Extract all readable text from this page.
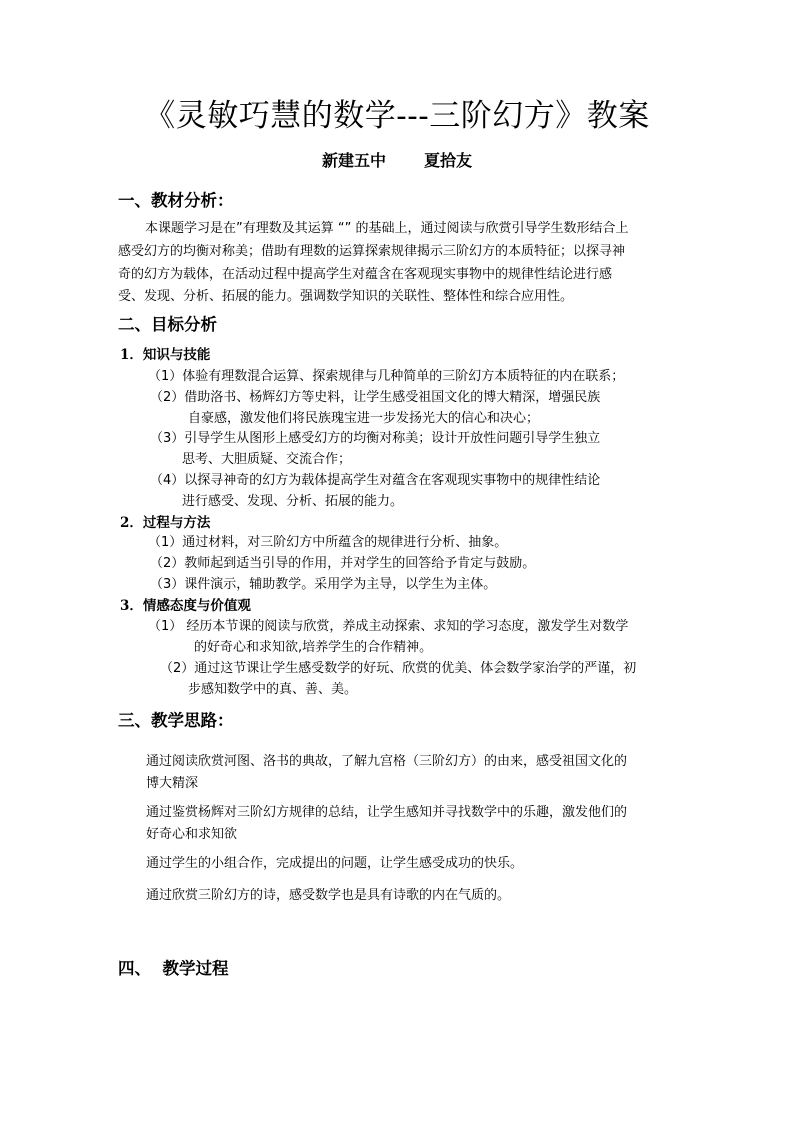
《灵敏巧慧的数学---三阶幻方》教案
新建五中 夏拾友
一、教材分析：
本课题学习是在”有理数及其运算 “” 的基础上，通过阅读与欣赏引导学生数形结合上
感受幻方的均衡对称美；借助有理数的运算探索规律揭示三阶幻方的本质特征；以探寻神
奇的幻方为载体，在活动过程中提高学生对蕴含在客观现实事物中的规律性结论进行感
受、发现、分析、拓展的能力。强调数学知识的关联性、整体性和综合应用性。
二、目标分析
1．知识与技能
（1）体验有理数混合运算、探索规律与几种简单的三阶幻方本质特征的内在联系；
（2）借助洛书、杨辉幻方等史料，让学生感受祖国文化的博大精深，增强民族
自豪感，激发他们将民族瑰宝进一步发扬光大的信心和决心；
（3）引导学生从图形上感受幻方的均衡对称美；设计开放性问题引导学生独立
思考、大胆质疑、交流合作；
（4）以探寻神奇的幻方为载体提高学生对蕴含在客观现实事物中的规律性结论
进行感受、发现、分析、拓展的能力。
2．过程与方法
（1）通过材料，对三阶幻方中所蕴含的规律进行分析、抽象。
（2）教师起到适当引导的作用，并对学生的回答给予肯定与鼓励。
（3）课件演示，辅助教学。采用学为主导，以学生为主体。
3．情感态度与价值观
（1） 经历本节课的阅读与欣赏，养成主动探索、求知的学习态度，激发学生对数学
的好奇心和求知欲,培养学生的合作精神。
（2）通过这节课让学生感受数学的好玩、欣赏的优美、体会数学家治学的严谨，初
步感知数学中的真、善、美。
三、教学思路：
通过阅读欣赏河图、洛书的典故，了解九宫格（三阶幻方）的由来，感受祖国文化的
博大精深
通过鉴赏杨辉对三阶幻方规律的总结，让学生感知并寻找数学中的乐趣，激发他们的
好奇心和求知欲
通过学生的小组合作，完成提出的问题，让学生感受成功的快乐。
通过欣赏三阶幻方的诗，感受数学也是具有诗歌的内在气质的。
四、  教学过程
